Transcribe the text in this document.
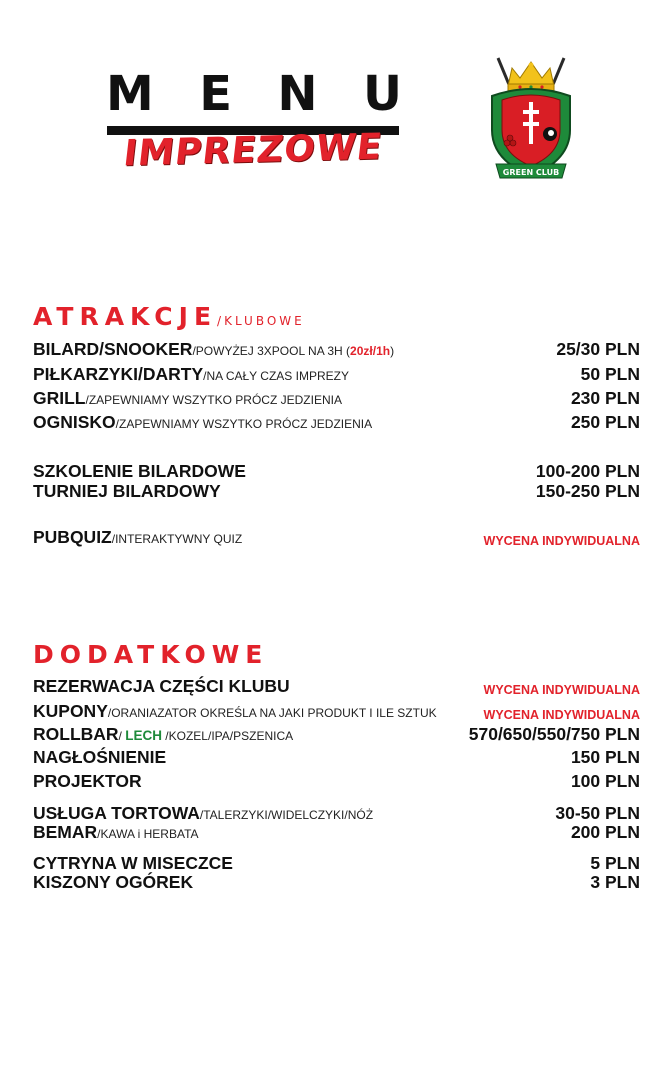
M E N U
IMPREZOWE	GREEN CLUB
ATRAKCJE/KLUBOWE
BILARD/SNOOKER/POWYŻEJ 3XPOOL NA 3H (20zł/1h)	25/30 PLN
PIŁKARZYKI/DARTY/NA CAŁY CZAS IMPREZY	50 PLN
GRILL/ZAPEWNIAMY WSZYTKO PRÓCZ JEDZIENIA	230 PLN
OGNISKO/ZAPEWNIAMY WSZYTKO PRÓCZ JEDZIENIA	250 PLN
SZKOLENIE BILARDOWE	100-200 PLN
TURNIEJ BILARDOWY	150-250 PLN
PUBQUIZ/INTERAKTYWNY QUIZ	WYCENA INDYWIDUALNA
DODATKOWE
REZERWACJA CZĘŚCI KLUBU	WYCENA INDYWIDUALNA
KUPONY/ORANIAZATOR OKREŚLA NA JAKI PRODUKT I ILE SZTUK	WYCENA INDYWIDUALNA
ROLLBAR/ LECH /KOZEL/IPA/PSZENICA	570/650/550/750 PLN
NAGŁOŚNIENIE	150 PLN
PROJEKTOR	100 PLN
USŁUGA TORTOWA/TALERZYKI/WIDELCZYKI/NÓŻ	30-50 PLN
BEMAR/KAWA i HERBATA	200 PLN
CYTRYNA W MISECZCE	5 PLN
KISZONY OGÓREK	3 PLN
